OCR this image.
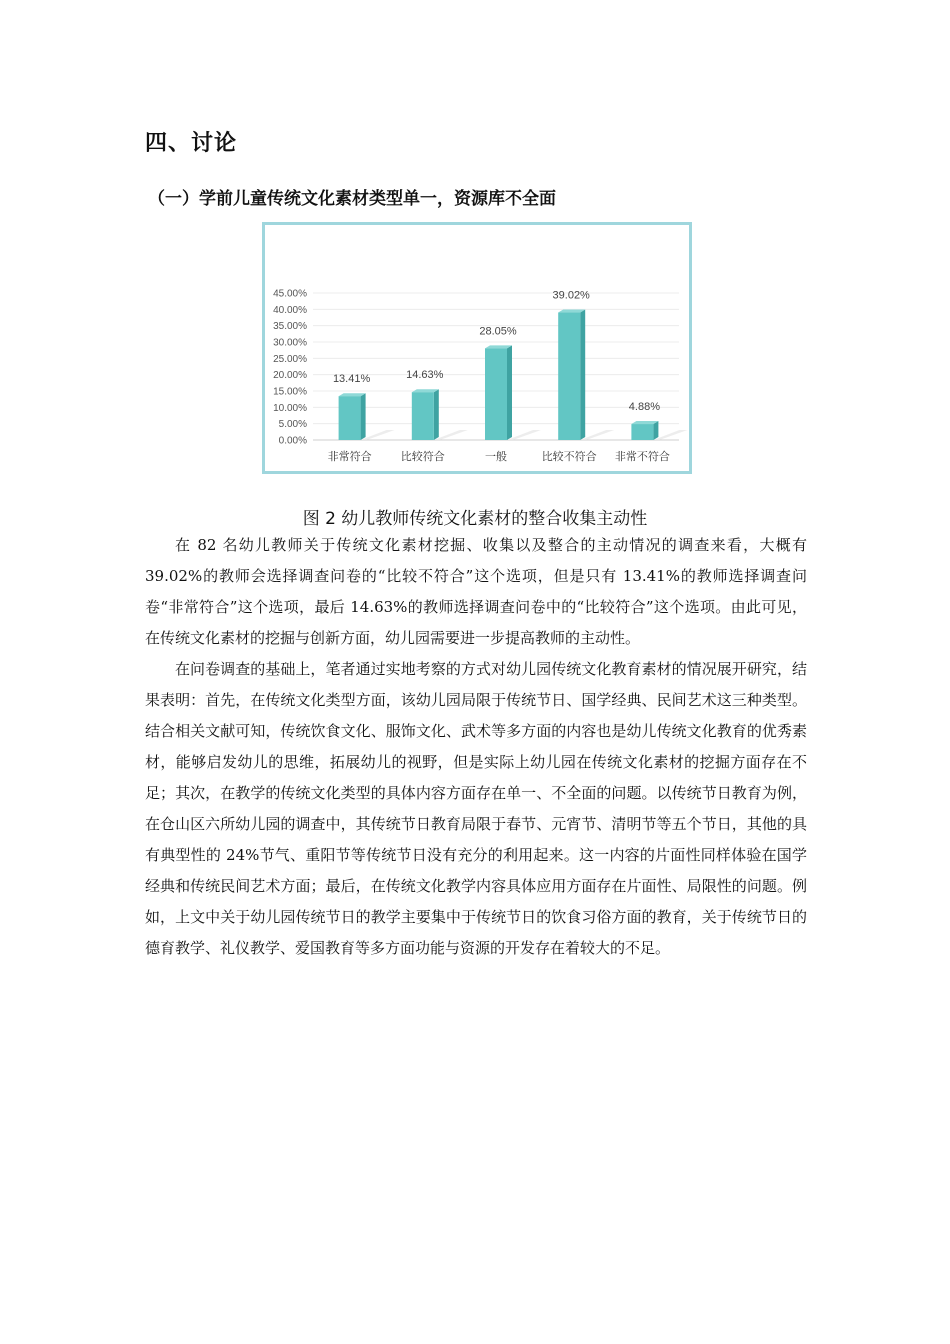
四、讨论
（一）学前儿童传统文化素材类型单一，资源库不全面
0.00%
5.00%
10.00%
15.00%
20.00%
25.00%
30.00%
35.00%
40.00%
45.00%
13.41%
非常符合
14.63%
比较符合
28.05%
一般
39.02%
比较不符合
4.88%
非常不符合
图 2 幼儿教师传统文化素材的整合收集主动性

在 82 名幼儿教师关于传统文化素材挖掘、收集以及整合的主动情况的调查来看，大概有 39.02%的教师会选择调查问卷的“比较不符合”这个选项，但是只有 13.41%的教师选择调查问卷“非常符合”这个选项，最后 14.63%的教师选择调查问卷中的“比较符合”这个选项。由此可见，在传统文化素材的挖掘与创新方面，幼儿园需要进一步提高教师的主动性。

在问卷调查的基础上，笔者通过实地考察的方式对幼儿园传统文化教育素材的情况展开研究，结果表明：首先，在传统文化类型方面，该幼儿园局限于传统节日、国学经典、民间艺术这三种类型。结合相关文献可知，传统饮食文化、服饰文化、武术等多方面的内容也是幼儿传统文化教育的优秀素材，能够启发幼儿的思维，拓展幼儿的视野，但是实际上幼儿园在传统文化素材的挖掘方面存在不足；其次，在教学的传统文化类型的具体内容方面存在单一、不全面的问题。以传统节日教育为例，在仓山区六所幼儿园的调查中，其传统节日教育局限于春节、元宵节、清明节等五个节日，其他的具有典型性的 24%节气、重阳节等传统节日没有充分的利用起来。这一内容的片面性同样体验在国学经典和传统民间艺术方面；最后，在传统文化教学内容具体应用方面存在片面性、局限性的问题。例如，上文中关于幼儿园传统节日的教学主要集中于传统节日的饮食习俗方面的教育，关于传统节日的德育教学、礼仪教学、爱国教育等多方面功能与资源的开发存在着较大的不足。
